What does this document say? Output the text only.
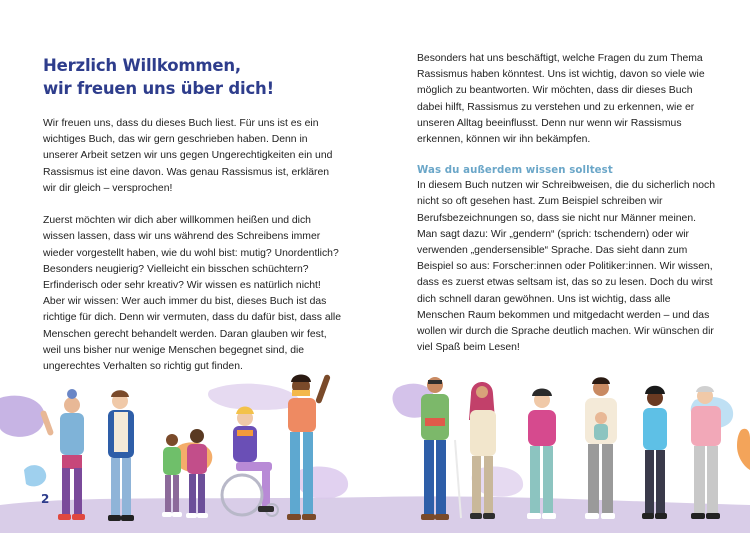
Herzlich Willkommen,
wir freuen uns über dich!

Wir freuen uns, dass du dieses Buch liest. Für uns ist es ein wichtiges Buch, das wir gern geschrieben haben. Denn in unserer Arbeit setzen wir uns gegen Ungerechtigkeiten ein und Rassismus ist eine davon. Was genau Rassismus ist, erklären wir dir gleich – versprochen!

Zuerst möchten wir dich aber willkommen heißen und dich wissen lassen, dass wir uns während des Schreibens immer wieder vorgestellt haben, wie du wohl bist: mutig? Unordentlich? Besonders neugierig? Vielleicht ein bisschen schüchtern? Erfinderisch oder sehr kreativ? Wir wissen es natürlich nicht! Aber wir wissen: Wer auch immer du bist, dieses Buch ist das richtige für dich. Denn wir vermuten, dass du dafür bist, dass alle Menschen gerecht behandelt werden. Daran glauben wir fest, weil uns bisher nur wenige Menschen begegnet sind, die ungerechtes Verhalten so richtig gut finden.

2

Besonders hat uns beschäftigt, welche Fragen du zum Thema Rassismus haben könntest. Uns ist wichtig, davon so viele wie möglich zu beantworten. Wir möchten, dass dir dieses Buch dabei hilft, Rassismus zu verstehen und zu erkennen, wie er unseren Alltag beeinflusst. Denn nur wenn wir Rassismus erkennen, können wir ihn bekämpfen.

Was du außerdem wissen solltest

In diesem Buch nutzen wir Schreibweisen, die du sicherlich noch nicht so oft gesehen hast. Zum Beispiel schreiben wir Berufsbezeichnungen so, dass sie nicht nur Männer meinen. Man sagt dazu: Wir „gendern“ (sprich: tschendern) oder wir verwenden „gendersensible“ Sprache. Das sieht dann zum Beispiel so aus: Forscher:innen oder Politiker:innen. Wir wissen, dass es zuerst etwas seltsam ist, das so zu lesen. Doch du wirst dich schnell daran gewöhnen. Uns ist wichtig, dass alle Menschen Raum bekommen und mitgedacht werden – und das wollen wir durch die Sprache deutlich machen. Wir wünschen dir viel Spaß beim Lesen!
